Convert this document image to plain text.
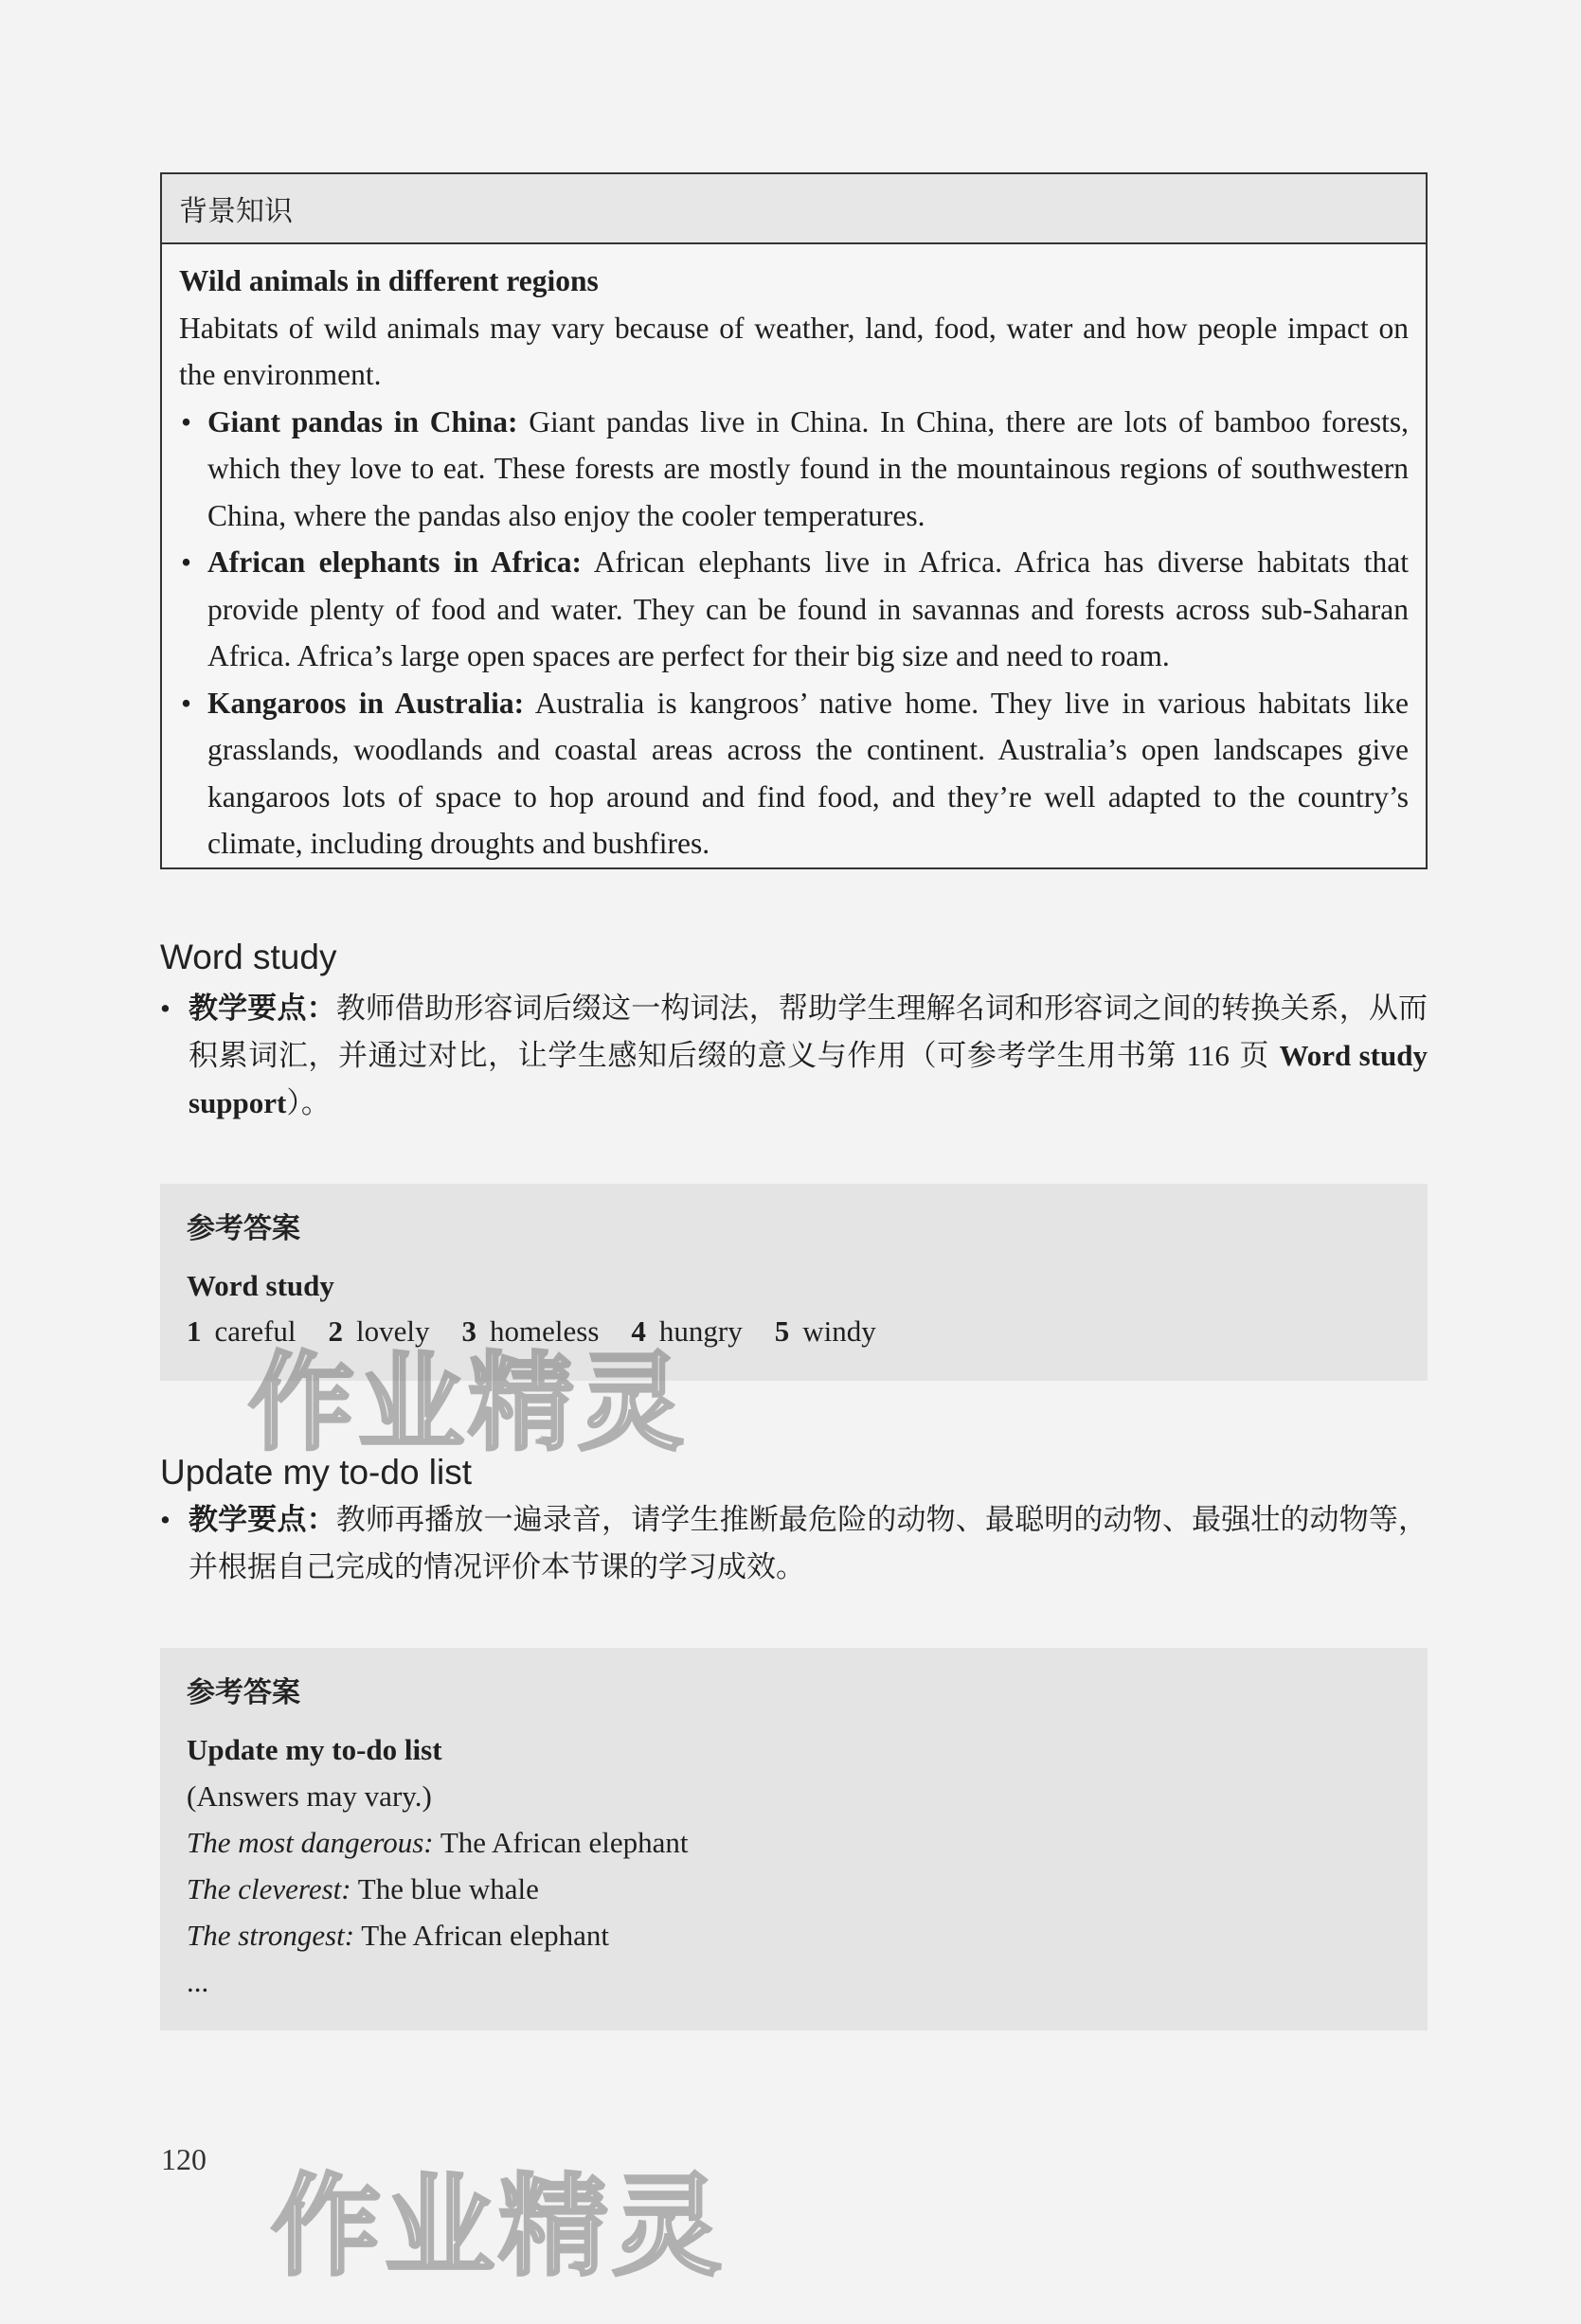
背景知识
Wild animals in different regions
Habitats of wild animals may vary because of weather, land, food, water and how people impact on the environment.
• Giant pandas in China: Giant pandas live in China. In China, there are lots of bamboo forests, which they love to eat. These forests are mostly found in the mountainous regions of southwestern China, where the pandas also enjoy the cooler temperatures.
• African elephants in Africa: African elephants live in Africa. Africa has diverse habitats that provide plenty of food and water. They can be found in savannas and forests across sub-Saharan Africa. Africa’s large open spaces are perfect for their big size and need to roam.
• Kangaroos in Australia: Australia is kangroos’ native home. They live in various habitats like grasslands, woodlands and coastal areas across the continent. Australia’s open landscapes give kangaroos lots of space to hop around and find food, and they’re well adapted to the country’s climate, including droughts and bushfires.
Word study
• 教学要点：教师借助形容词后缀这一构词法，帮助学生理解名词和形容词之间的转换关系，从而积累词汇，并通过对比，让学生感知后缀的意义与作用（可参考学生用书第 116 页 Word study support）。
参考答案
Word study
1 careful 2 lovely 3 homeless 4 hungry 5 windy
作业精灵
Update my to-do list
• 教学要点：教师再播放一遍录音，请学生推断最危险的动物、最聪明的动物、最强壮的动物等，并根据自己完成的情况评价本节课的学习成效。
参考答案
Update my to-do list
(Answers may vary.)
The most dangerous: The African elephant
The cleverest: The blue whale
The strongest: The African elephant
...
120
作业精灵
